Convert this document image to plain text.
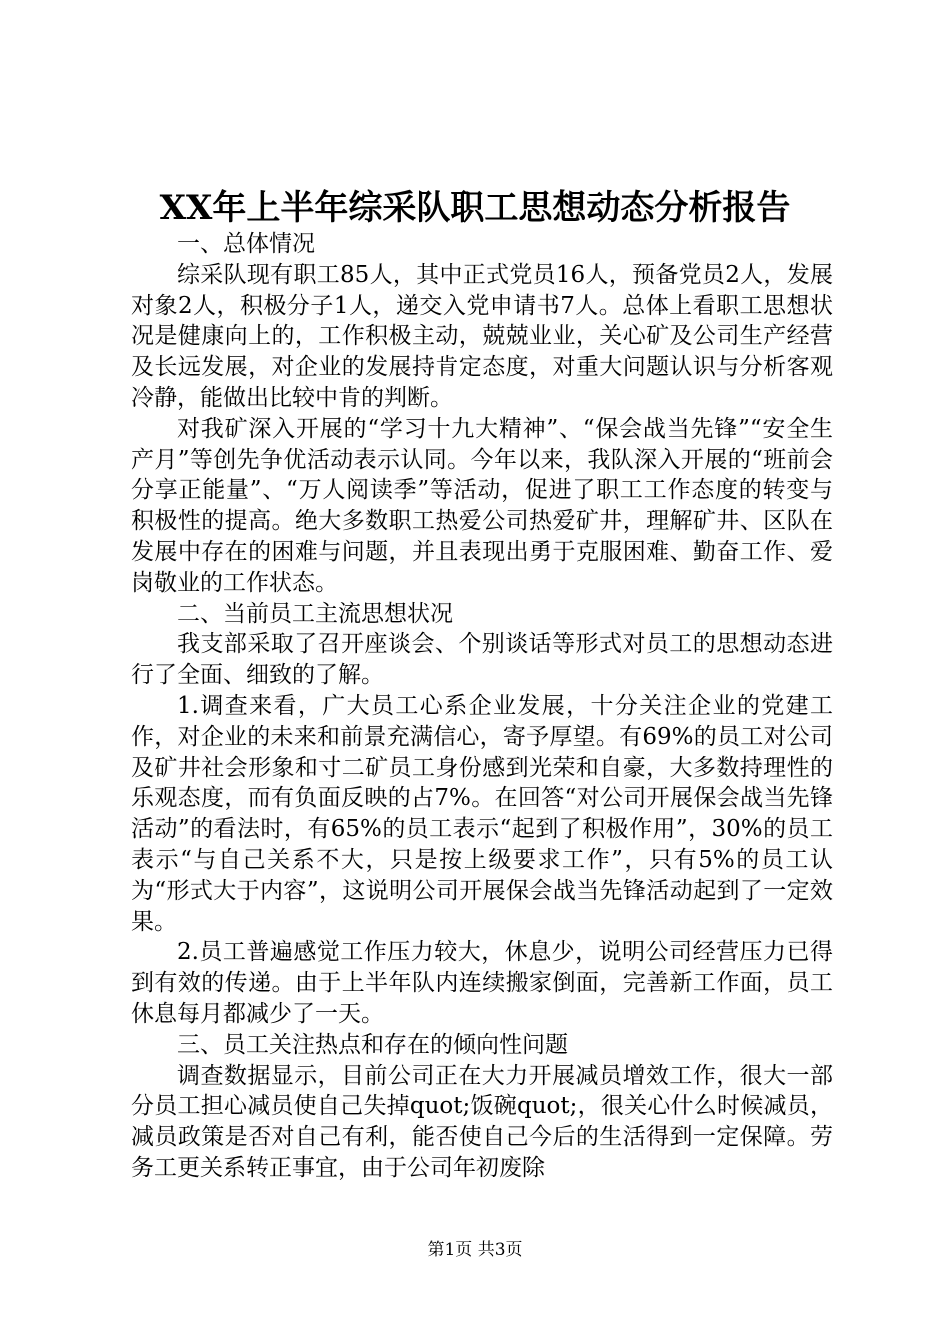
XX年上半年综采队职工思想动态分析报告

一、总体情况

综采队现有职工85人，其中正式党员16人，预备党员2人，发展对象2人，积极分子1人，递交入党申请书7人。总体上看职工思想状况是健康向上的，工作积极主动，兢兢业业，关心矿及公司生产经营及长远发展，对企业的发展持肯定态度，对重大问题认识与分析客观冷静，能做出比较中肯的判断。

对我矿深入开展的“学习十九大精神”、“保会战当先锋”“安全生产月”等创先争优活动表示认同。今年以来，我队深入开展的“班前会分享正能量”、“万人阅读季”等活动，促进了职工工作态度的转变与积极性的提高。绝大多数职工热爱公司热爱矿井，理解矿井、区队在发展中存在的困难与问题，并且表现出勇于克服困难、勤奋工作、爱岗敬业的工作状态。

二、当前员工主流思想状况

我支部采取了召开座谈会、个别谈话等形式对员工的思想动态进行了全面、细致的了解。

1.调查来看，广大员工心系企业发展，十分关注企业的党建工作，对企业的未来和前景充满信心，寄予厚望。有69%的员工对公司及矿井社会形象和寸二矿员工身份感到光荣和自豪，大多数持理性的乐观态度，而有负面反映的占7%。在回答“对公司开展保会战当先锋活动”的看法时，有65%的员工表示“起到了积极作用”，30%的员工表示“与自己关系不大，只是按上级要求工作”，只有5%的员工认为“形式大于内容”，这说明公司开展保会战当先锋活动起到了一定效果。

2.员工普遍感觉工作压力较大，休息少，说明公司经营压力已得到有效的传递。由于上半年队内连续搬家倒面，完善新工作面，员工休息每月都减少了一天。

三、员工关注热点和存在的倾向性问题

调查数据显示，目前公司正在大力开展减员增效工作，很大一部分员工担心减员使自己失掉quot;饭碗quot;，很关心什么时候减员，减员政策是否对自己有利，能否使自己今后的生活得到一定保障。劳务工更关系转正事宜，由于公司年初废除

第1页 共3页
